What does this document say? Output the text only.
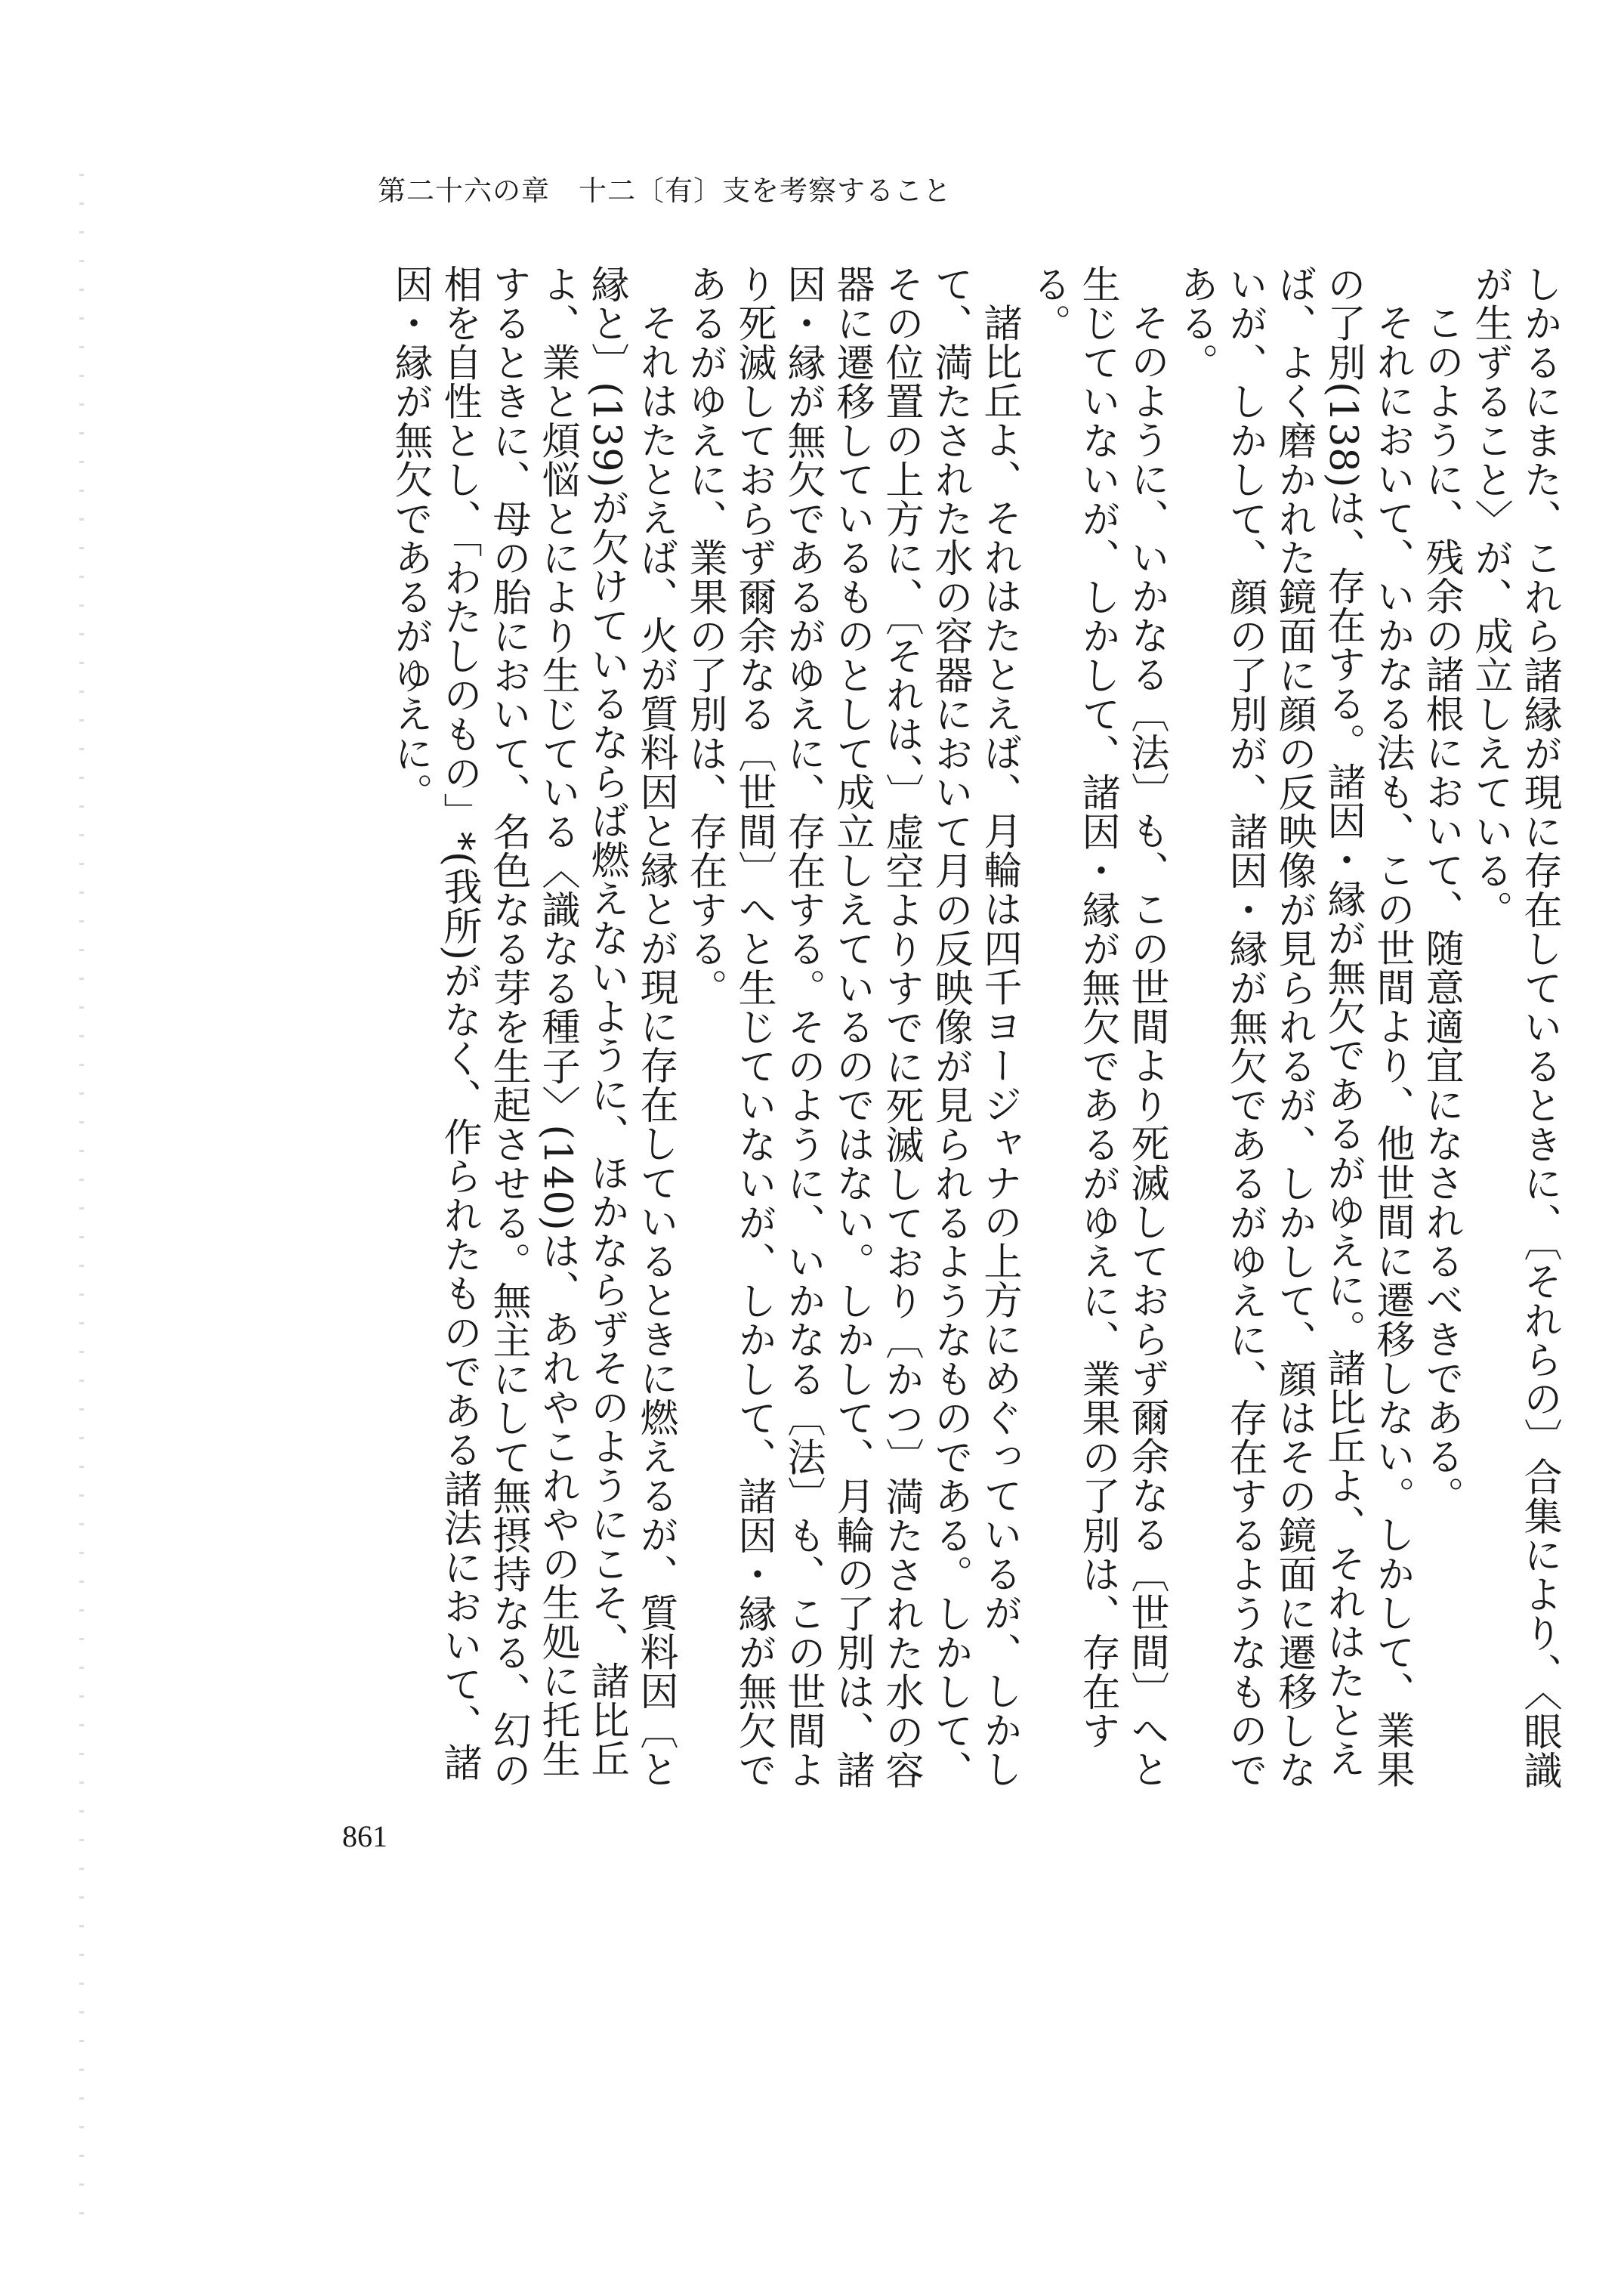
第二十六の章　十二〔有〕支を考察すること

しかるにまた、これら諸縁が現に存在しているときに、〔それらの〕合集により、〈眼識が生ずること〉が、成立しえている。

このように、残余の諸根において、随意適宜になされるべきである。

それにおいて、いかなる法も、この世間より、他世間に遷移しない。しかして、業果の了別(138)は、存在する。諸因・縁が無欠であるがゆえに。諸比丘よ、それはたとえば、よく磨かれた鏡面に顔の反映像が見られるが、しかして、顔はその鏡面に遷移しないが、しかして、顔の了別が、諸因・縁が無欠であるがゆえに、存在するようなものである。

そのように、いかなる〔法〕も、この世間より死滅しておらず爾余なる〔世間〕へと生じていないが、しかして、諸因・縁が無欠であるがゆえに、業果の了別は、存在する。

諸比丘よ、それはたとえば、月輪は四千ヨージャナの上方にめぐっているが、しかして、満たされた水の容器において月の反映像が見られるようなものである。しかして、その位置の上方に、〔それは、〕虚空よりすでに死滅しており〔かつ〕満たされた水の容器に遷移しているものとして成立しえているのではない。しかして、月輪の了別は、諸因・縁が無欠であるがゆえに、存在する。そのように、いかなる〔法〕も、この世間より死滅しておらず爾余なる〔世間〕へと生じていないが、しかして、諸因・縁が無欠であるがゆえに、業果の了別は、存在する。

それはたとえば、火が質料因と縁とが現に存在しているときに燃えるが、質料因〔と縁と〕(139)が欠けているならば燃えないように、ほかならずそのようにこそ、諸比丘よ、業と煩悩とにより生じている〈識なる種子〉(140)は、あれやこれやの生処に托生するときに、母の胎において、名色なる芽を生起させる。無主にして無摂持なる、幻の相を自性とし、「わたしのもの」*(我所)がなく、作られたものである諸法において、諸因・縁が無欠であるがゆえに。

861
